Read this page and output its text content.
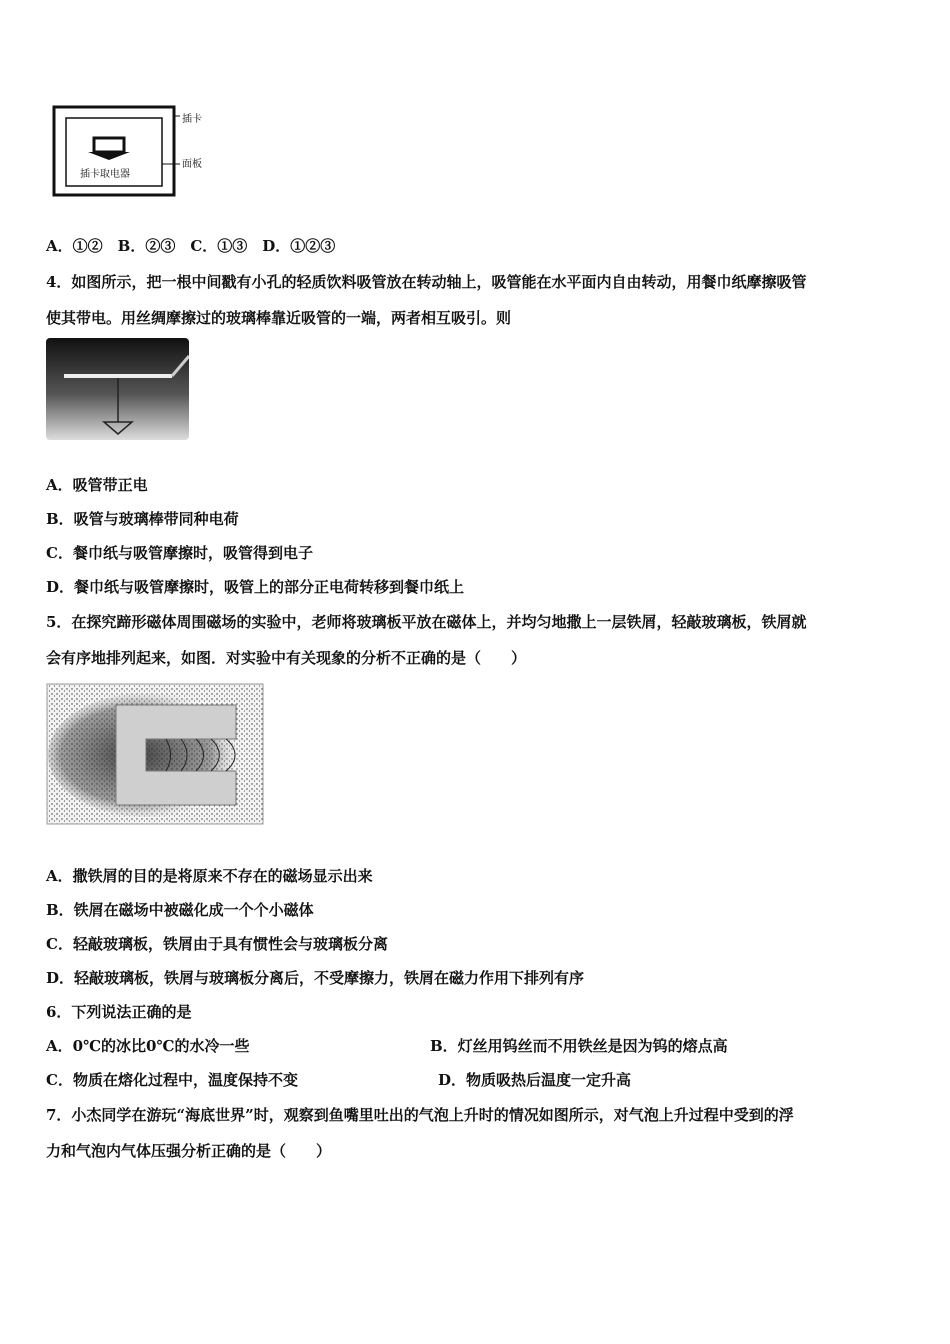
插卡
面板
插卡取电器
A．①②　B．②③　C．①③　D．①②③
4．如图所示，把一根中间戳有小孔的轻质饮料吸管放在转动轴上，吸管能在水平面内自由转动，用餐巾纸摩擦吸管
使其带电。用丝绸摩擦过的玻璃棒靠近吸管的一端，两者相互吸引。则
A．吸管带正电
B．吸管与玻璃棒带同种电荷
C．餐巾纸与吸管摩擦时，吸管得到电子
D．餐巾纸与吸管摩擦时，吸管上的部分正电荷转移到餐巾纸上
5．在探究蹄形磁体周围磁场的实验中，老师将玻璃板平放在磁体上，并均匀地撒上一层铁屑，轻敲玻璃板，铁屑就
会有序地排列起来，如图．对实验中有关现象的分析不正确的是（　　）
A．撒铁屑的目的是将原来不存在的磁场显示出来
B．铁屑在磁场中被磁化成一个个小磁体
C．轻敲玻璃板，铁屑由于具有惯性会与玻璃板分离
D．轻敲玻璃板，铁屑与玻璃板分离后，不受摩擦力，铁屑在磁力作用下排列有序
6．下列说法正确的是
A．0℃的冰比0℃的水冷一些	B．灯丝用钨丝而不用铁丝是因为钨的熔点高
C．物质在熔化过程中，温度保持不变	D．物质吸热后温度一定升高
7．小杰同学在游玩“海底世界”时，观察到鱼嘴里吐出的气泡上升时的情况如图所示，对气泡上升过程中受到的浮
力和气泡内气体压强分析正确的是（　　）
